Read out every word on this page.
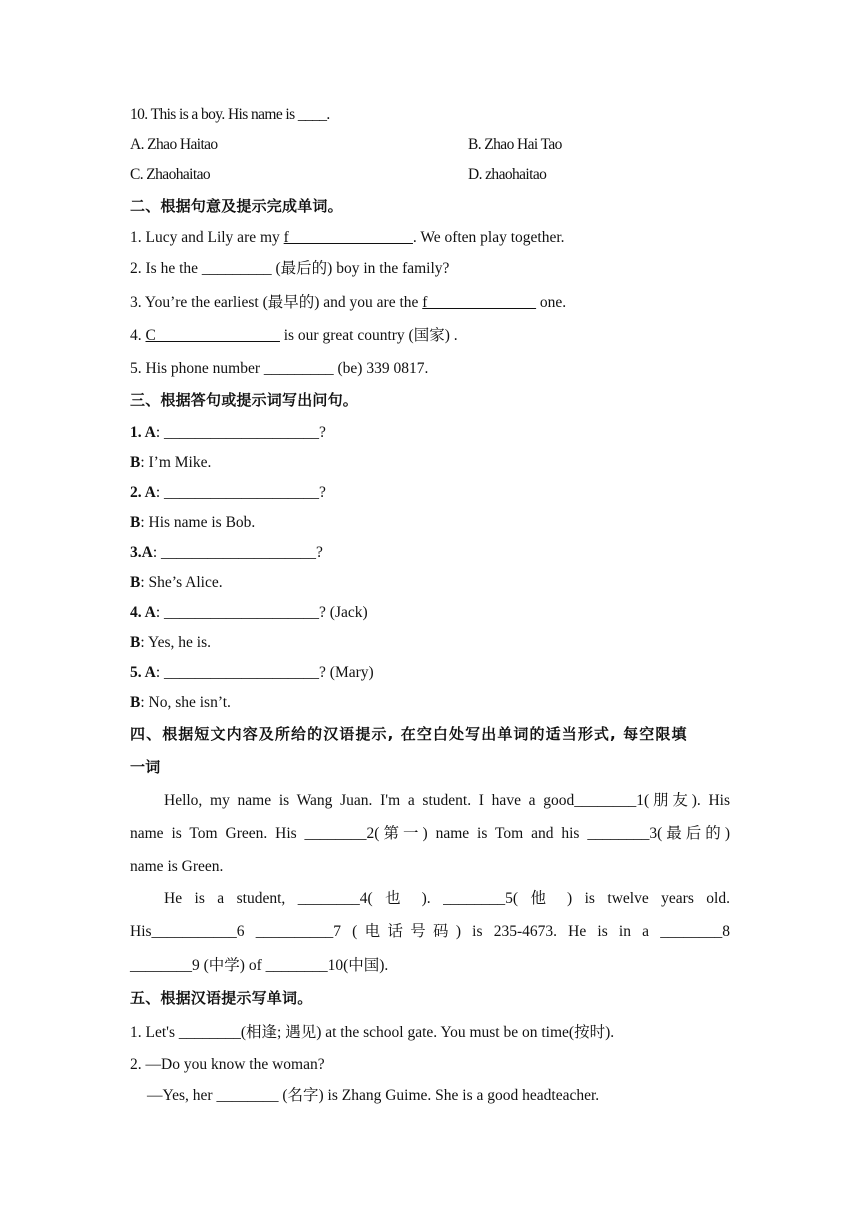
10. This is a boy. His name is ____.
A. Zhao Haitao	B. Zhao Hai Tao
C. Zhaohaitao	D. zhaohaitao
二、根据句意及提示完成单词。
1. Lucy and Lily are my f________________. We often play together.
2. Is he the _________ (最后的) boy in the family?
3. You’re the earliest (最早的) and you are the f______________ one.
4. C________________ is our great country (国家) .
5. His phone number _________ (be) 339 0817.
三、根据答句或提示词写出问句。
1. A: ____________________?
B: I’m Mike.
2. A: ____________________?
B: His name is Bob.
3.A: ____________________?
B: She’s Alice.
4. A: ____________________? (Jack)
B: Yes, he is.
5. A: ____________________? (Mary)
B: No, she isn’t.
四、根据短文内容及所给的汉语提示, 在空白处写出单词的适当形式, 每空限填
一词
Hello, my name is Wang Juan. I'm a student. I have a good________1(朋友). His
name is Tom Green. His ________2(第一) name is Tom and his ________3(最后的)
name is Green.
He is a student, ________4( 也 ). ________5( 他 ) is twelve years old.
His___________6 __________7 (电话号码) is 235-4673. He is in a ________8
________9 (中学) of ________10(中国).
五、根据汉语提示写单词。
1. Let's ________(相逢; 遇见) at the school gate. You must be on time(按时).
2. —Do you know the woman?
—Yes, her ________ (名字) is Zhang Guime. She is a good headteacher.
